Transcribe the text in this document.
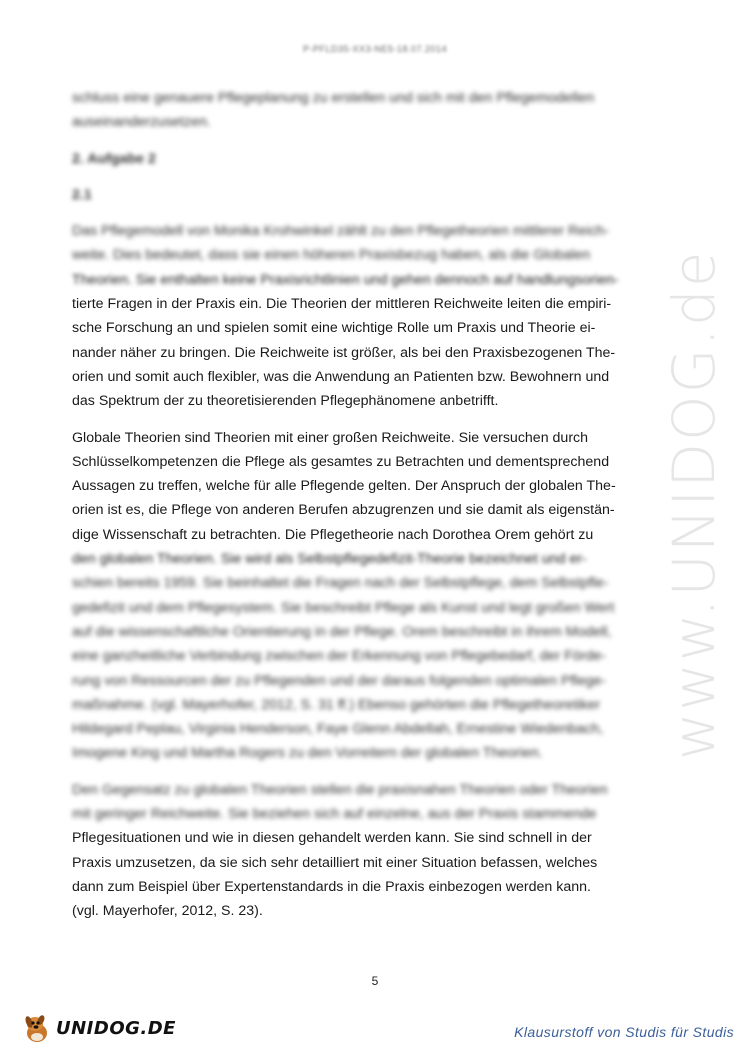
P-PFLD35-XX3-NE5-18.07.2014

schluss eine genauere Pflegeplanung zu erstellen und sich mit den Pflegemodellen
auseinanderzusetzen.

2. Aufgabe 2
2.1

Das Pflegemodell von Monika Krohwinkel zählt zu den Pflegetheorien mittlerer Reich-
weite. Dies bedeutet, dass sie einen höheren Praxisbezug haben, als die Globalen
Theorien. Sie enthalten keine Praxisrichtlinien und gehen dennoch auf handlungsorien-
tierte Fragen in der Praxis ein. Die Theorien der mittleren Reichweite leiten die empiri-
sche Forschung an und spielen somit eine wichtige Rolle um Praxis und Theorie ei-
nander näher zu bringen. Die Reichweite ist größer, als bei den Praxisbezogenen The-
orien und somit auch flexibler, was die Anwendung an Patienten bzw. Bewohnern und
das Spektrum der zu theoretisierenden Pflegephänomene anbetrifft.

Globale Theorien sind Theorien mit einer großen Reichweite. Sie versuchen durch
Schlüsselkompetenzen die Pflege als gesamtes zu Betrachten und dementsprechend
Aussagen zu treffen, welche für alle Pflegende gelten. Der Anspruch der globalen The-
orien ist es, die Pflege von anderen Berufen abzugrenzen und sie damit als eigenstän-
dige Wissenschaft zu betrachten. Die Pflegetheorie nach Dorothea Orem gehört zu
den globalen Theorien. Sie wird als Selbstpflegedefizit-Theorie bezeichnet und er-
schien bereits 1959. Sie beinhaltet die Fragen nach der Selbstpflege, dem Selbstpfle-
gedefizit und dem Pflegesystem. Sie beschreibt Pflege als Kunst und legt großen Wert
auf die wissenschaftliche Orientierung in der Pflege. Orem beschreibt in ihrem Modell,
eine ganzheitliche Verbindung zwischen der Erkennung von Pflegebedarf, der Förde-
rung von Ressourcen der zu Pflegenden und der daraus folgenden optimalen Pflege-
maßnahme. (vgl. Mayerhofer, 2012, S. 31 ff.) Ebenso gehörten die Pflegetheoretiker
Hildegard Peplau, Virginia Henderson, Faye Glenn Abdellah, Ernestine Wiedenbach,
Imogene King und Martha Rogers zu den Vorreitern der globalen Theorien.

Den Gegensatz zu globalen Theorien stellen die praxisnahen Theorien oder Theorien
mit geringer Reichweite. Sie beziehen sich auf einzelne, aus der Praxis stammende
Pflegesituationen und wie in diesen gehandelt werden kann. Sie sind schnell in der
Praxis umzusetzen, da sie sich sehr detailliert mit einer Situation befassen, welches
dann zum Beispiel über Expertenstandards in die Praxis einbezogen werden kann.
(vgl. Mayerhofer, 2012, S. 23).

www.UNIDOG.de
5
UNIDOG.DE	Klausurstoff von Studis für Studis
